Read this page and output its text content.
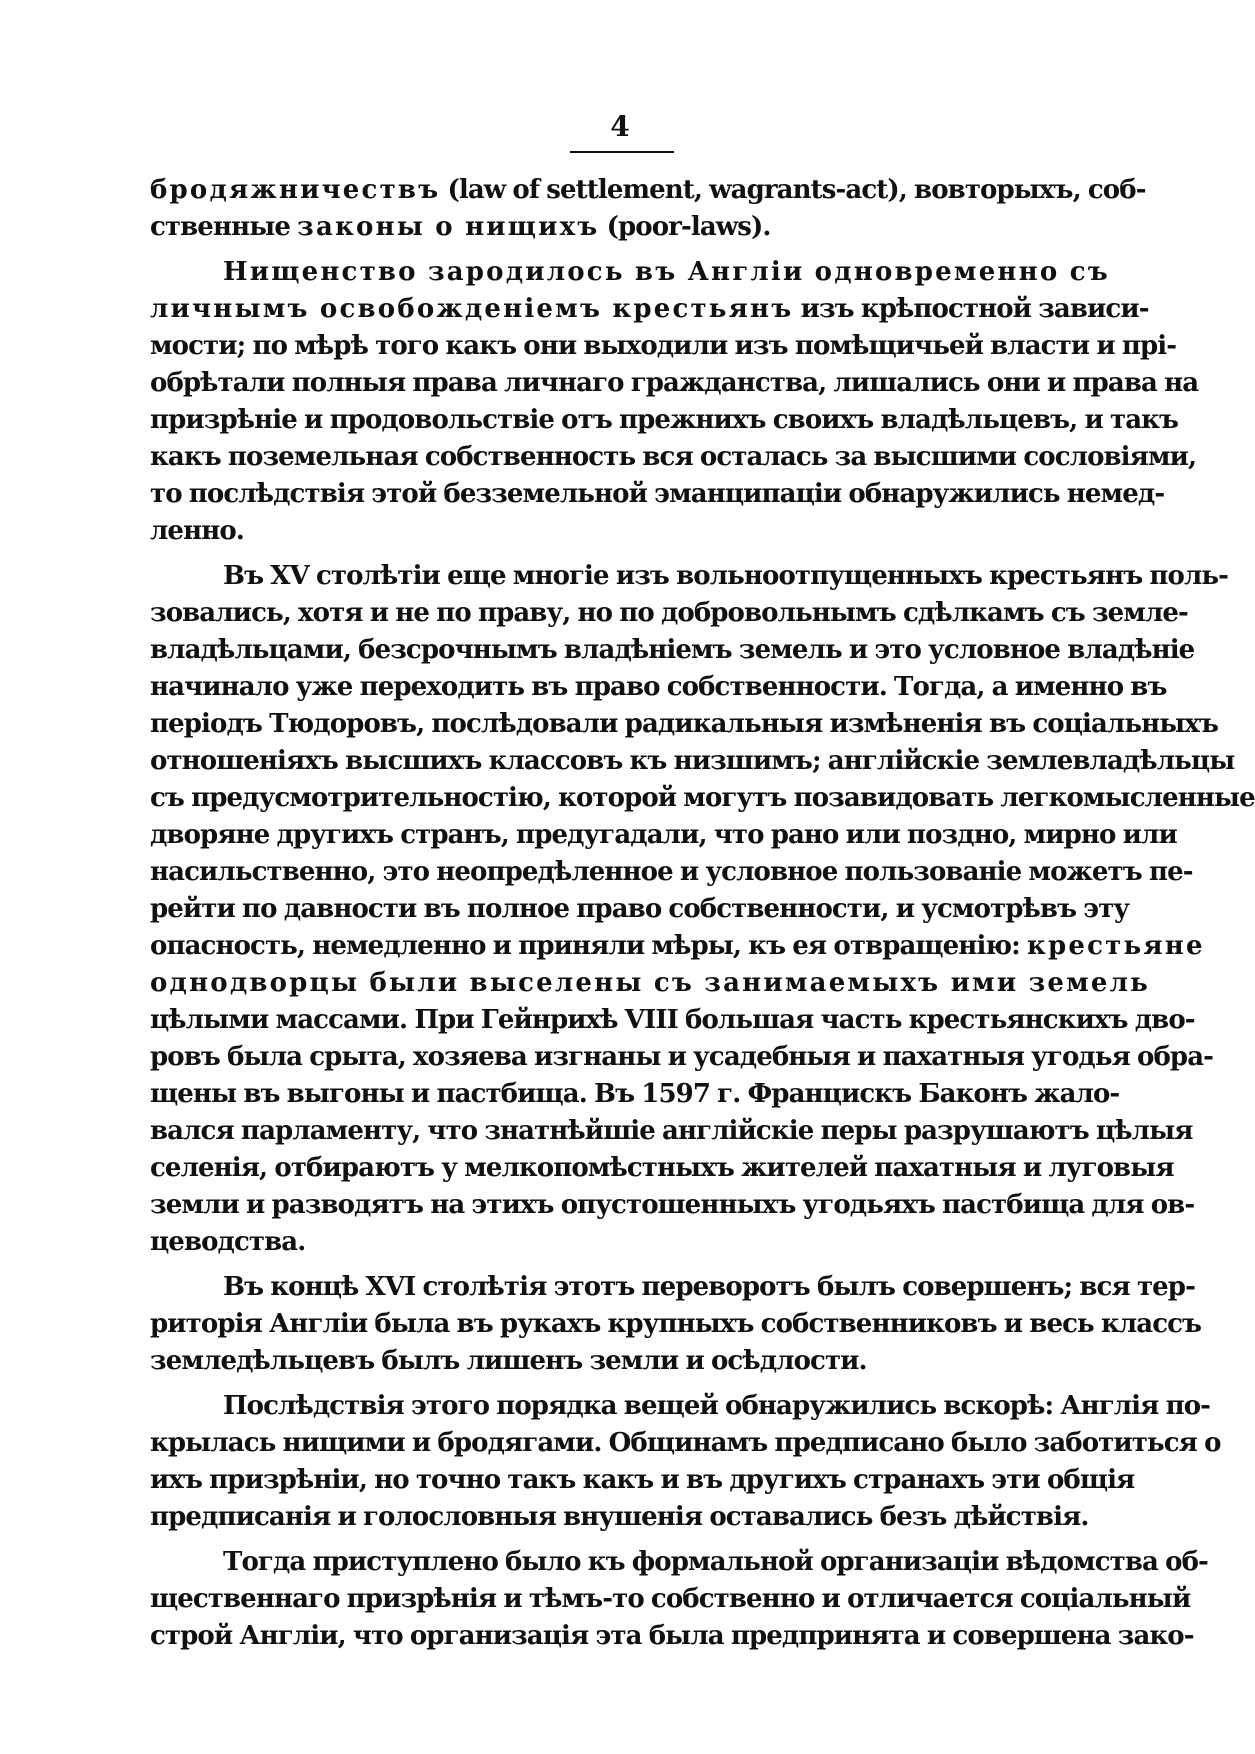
4
бродяжничествъ (law of settlement, wagrants-act), вовторыхъ, соб-
ственные законы о нищихъ (poor-laws).
Нищенство зародилось въ Англіи одновременно съ
личнымъ освобожденіемъ крестьянъ изъ крѣпостной зависи-
мости; по мѣрѣ того какъ они выходили изъ помѣщичьей власти и прі-
обрѣтали полныя права личнаго гражданства, лишались они и права на
призрѣніе и продовольствіе отъ прежнихъ своихъ владѣльцевъ, и такъ
какъ поземельная собственность вся осталась за высшими сословіями,
то послѣдствія этой безземельной эманципаціи обнаружились немед-
ленно.
Въ XV столѣтіи еще многіе изъ вольноотпущенныхъ крестьянъ поль-
зовались, хотя и не по праву, но по добровольнымъ сдѣлкамъ съ земле-
владѣльцами, безсрочнымъ владѣніемъ земель и это условное владѣніе
начинало уже переходить въ право собственности. Тогда, а именно въ
періодъ Тюдоровъ, послѣдовали радикальныя измѣненія въ соціальныхъ
отношеніяхъ высшихъ классовъ къ низшимъ; англійскіе землевладѣльцы
съ предусмотрительностію, которой могутъ позавидовать легкомысленные
дворяне другихъ странъ, предугадали, что рано или поздно, мирно или
насильственно, это неопредѣленное и условное пользованіе можетъ пе-
рейти по давности въ полное право собственности, и усмотрѣвъ эту
опасность, немедленно и приняли мѣры, къ ея отвращенію: крестьяне
однодворцы были выселены съ занимаемыхъ ими земель
цѣлыми массами. При Гейнрихѣ VIII большая часть крестьянскихъ дво-
ровъ была срыта, хозяева изгнаны и усадебныя и пахатныя угодья обра-
щены въ выгоны и пастбища. Въ 1597 г. Францискъ Баконъ жало-
вался парламенту, что знатнѣйшіе англійскіе перы разрушаютъ цѣлыя
селенія, отбираютъ у мелкопомѣстныхъ жителей пахатныя и луговыя
земли и разводятъ на этихъ опустошенныхъ угодьяхъ пастбища для ов-
цеводства.
Въ концѣ XVI столѣтія этотъ переворотъ былъ совершенъ; вся тер-
риторія Англіи была въ рукахъ крупныхъ собственниковъ и весь классъ
земледѣльцевъ былъ лишенъ земли и осѣдлости.
Послѣдствія этого порядка вещей обнаружились вскорѣ: Англія по-
крылась нищими и бродягами. Общинамъ предписано было заботиться о
ихъ призрѣніи, но точно такъ какъ и въ другихъ странахъ эти общія
предписанія и голословныя внушенія оставались безъ дѣйствія.
Тогда приступлено было къ формальной организаціи вѣдомства об-
щественнаго призрѣнія и тѣмъ-то собственно и отличается соціальный
строй Англіи, что организація эта была предпринята и совершена зако-
